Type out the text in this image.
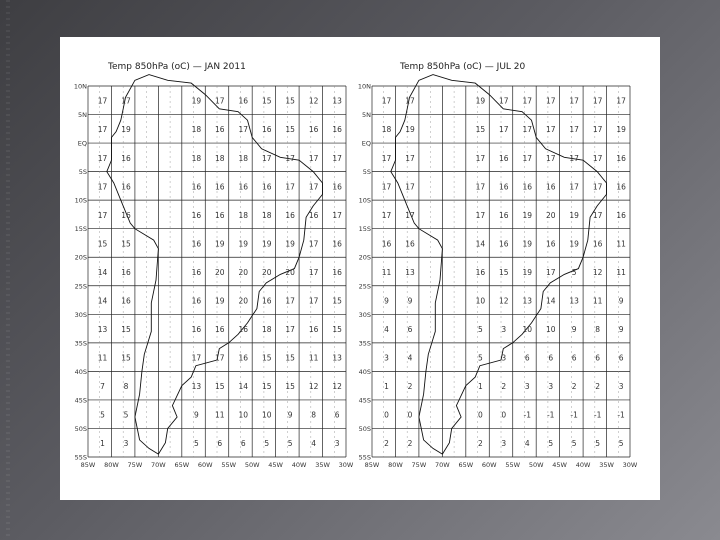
Temp 850hPa (oC) — JAN 2011	Temp 850hPa (oC) — JUL 20
17 17	19 17 16 15 15 12 13
17 19	18 16 17 16 15 16 16
17 16	18 18 18 17 17 17 17
17 16	16 16 16 16 17 17 16
17 16	16 16 18 18 16 16 17
15 15	16 19 19 19 19 17 16
14 16	16 20 20 20 20 17 16
14 16	16 19 20 16 17 17 15
13 15	16 16 16 18 17 16 15
11 15	17 17 16 15 15 11 13
7 8	13 15 14 15 15 12 12
5 5	9 11 10 10 9 8 6
1 3	5 6 6 5 5 4 3
10N
5N
EQ
5S
10S
15S
20S
25S
30S
35S
40S
45S
50S
55S
85W 80W 75W 70W 65W 60W 55W 50W 45W 40W 35W 30W
17 17	19 17 17 17 17 17 17
18 19	15 17 17 17 17 17 19
17 17	17 16 17 17 17 17 16
17 17	17 16 16 16 17 17 16
17 17	17 16 19 20 19 17 16
16 16	14 16 19 16 19 16 11
11 13	16 15 19 17 5 12 11
9 9	10 12 13 14 13 11 9
4 6	5 3 10 10 9 8 9
3 4	5 3 6 6 6 6 6
1 2	1 2 3 3 2 2 3
0 0	0 0 -1 -1 -1 -1 -1
2 2	2 3 4 5 5 5 5
10N
5N
EQ
5S
10S
15S
20S
25S
30S
35S
40S
45S
50S
55S
85W 80W 75W 70W 65W 60W 55W 50W 45W 40W 35W 30W
